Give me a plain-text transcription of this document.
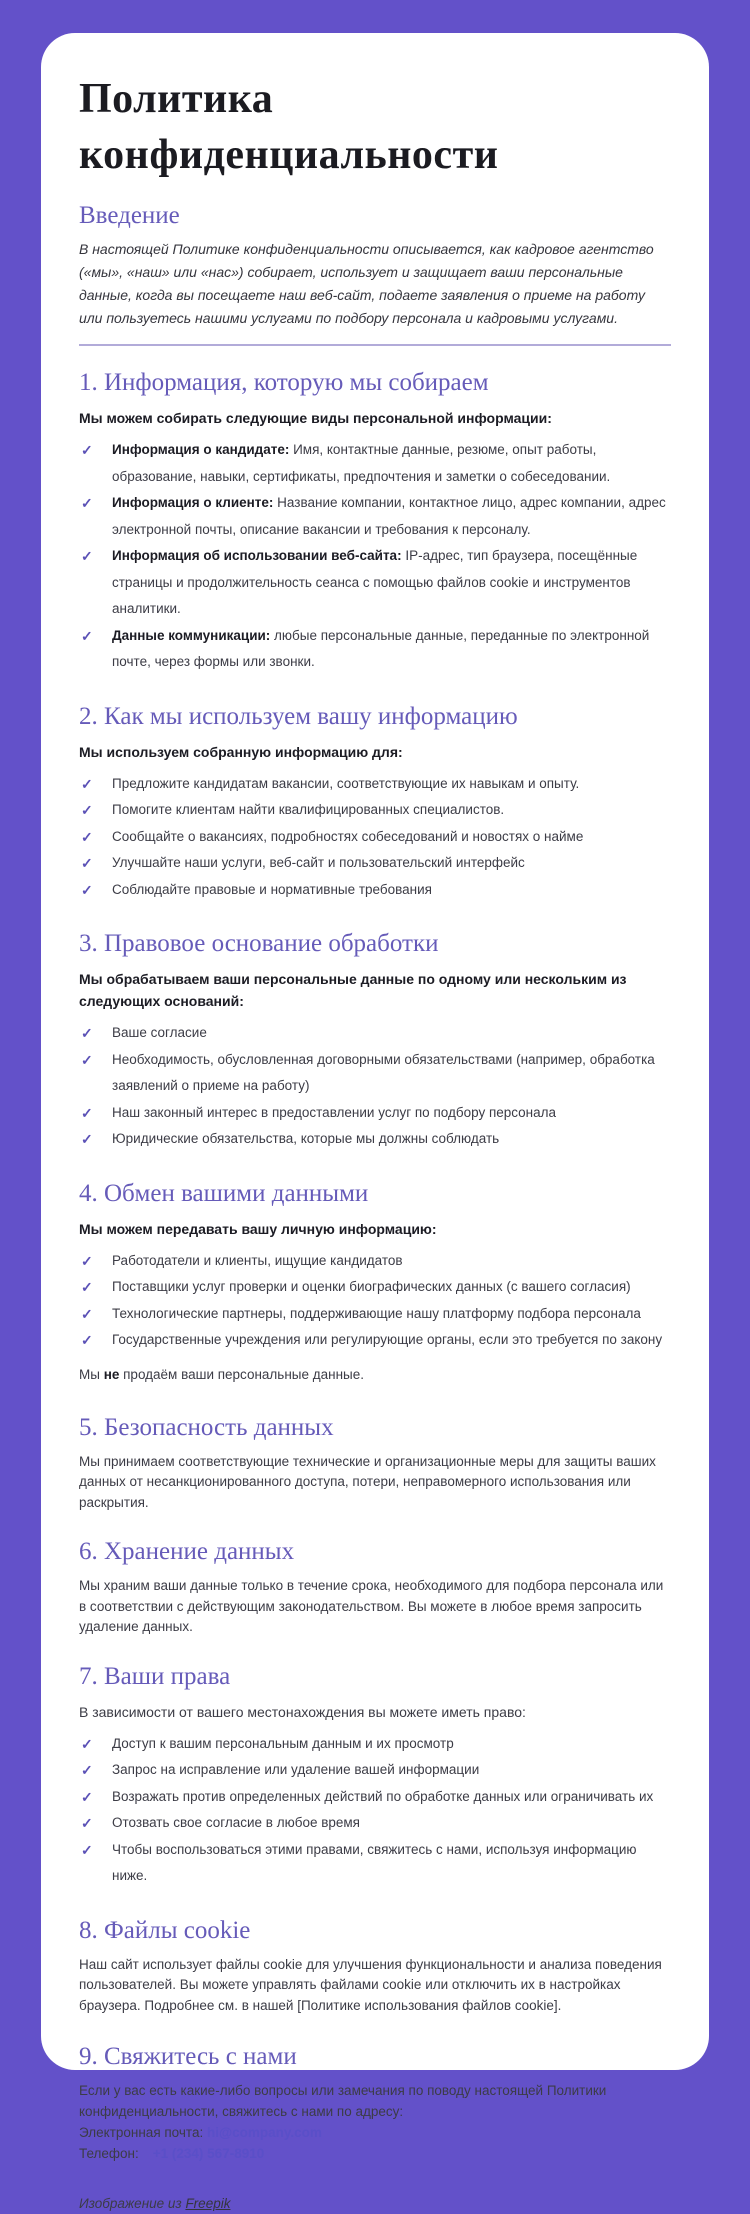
Политика конфиденциальности
Введение

В настоящей Политике конфиденциальности описывается, как кадровое агентство («мы», «наш» или «нас») собирает, использует и защищает ваши персональные данные, когда вы посещаете наш веб-сайт, подаете заявления о приеме на работу или пользуетесь нашими услугами по подбору персонала и кадровыми услугами.

1. Информация, которую мы собираем

Мы можем собирать следующие виды персональной информации:

✓ Информация о кандидате: Имя, контактные данные, резюме, опыт работы, образование, навыки, сертификаты, предпочтения и заметки о собеседовании.
✓ Информация о клиенте: Название компании, контактное лицо, адрес компании, адрес электронной почты, описание вакансии и требования к персоналу.
✓ Информация об использовании веб-сайта: IP-адрес, тип браузера, посещённые страницы и продолжительность сеанса с помощью файлов cookie и инструментов аналитики.
✓ Данные коммуникации: любые персональные данные, переданные по электронной почте, через формы или звонки.
2. Как мы используем вашу информацию

Мы используем собранную информацию для:

✓ Предложите кандидатам вакансии, соответствующие их навыкам и опыту.
✓ Помогите клиентам найти квалифицированных специалистов.
✓ Сообщайте о вакансиях, подробностях собеседований и новостях о найме
✓ Улучшайте наши услуги, веб-сайт и пользовательский интерфейс
✓ Соблюдайте правовые и нормативные требования
3. Правовое основание обработки

Мы обрабатываем ваши персональные данные по одному или нескольким из следующих оснований:

✓ Ваше согласие
✓ Необходимость, обусловленная договорными обязательствами (например, обработка заявлений о приеме на работу)
✓ Наш законный интерес в предоставлении услуг по подбору персонала
✓ Юридические обязательства, которые мы должны соблюдать
4. Обмен вашими данными

Мы можем передавать вашу личную информацию:

✓ Работодатели и клиенты, ищущие кандидатов
✓ Поставщики услуг проверки и оценки биографических данных (с вашего согласия)
✓ Технологические партнеры, поддерживающие нашу платформу подбора персонала
✓ Государственные учреждения или регулирующие органы, если это требуется по закону

Мы не продаём ваши персональные данные.

5. Безопасность данных

Мы принимаем соответствующие технические и организационные меры для защиты ваших данных от несанкционированного доступа, потери, неправомерного использования или раскрытия.

6. Хранение данных

Мы храним ваши данные только в течение срока, необходимого для подбора персонала или в соответствии с действующим законодательством. Вы можете в любое время запросить удаление данных.

7. Ваши права

В зависимости от вашего местонахождения вы можете иметь право:

✓ Доступ к вашим персональным данным и их просмотр
✓ Запрос на исправление или удаление вашей информации
✓ Возражать против определенных действий по обработке данных или ограничивать их
✓ Отозвать свое согласие в любое время
✓ Чтобы воспользоваться этими правами, свяжитесь с нами, используя информацию ниже.
8. Файлы cookie

Наш сайт использует файлы cookie для улучшения функциональности и анализа поведения пользователей. Вы можете управлять файлами cookie или отключить их в настройках браузера. Подробнее см. в нашей [Политике использования файлов cookie].

9. Свяжитесь с нами

Если у вас есть какие-либо вопросы или замечания по поводу настоящей Политики конфиденциальности, свяжитесь с нами по адресу:

Электронная почта: hi@company.com

Телефон: +1 (234) 567-8910

Изображение из Freepik
